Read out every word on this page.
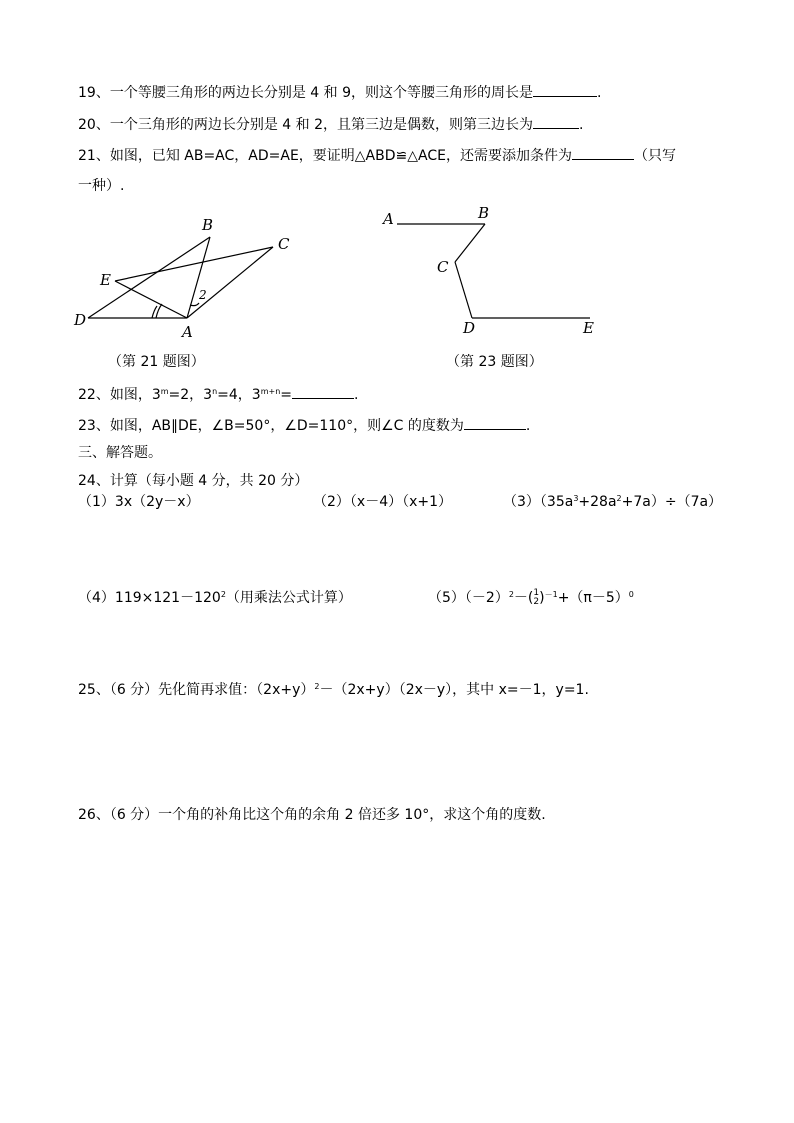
19、一个等腰三角形的两边长分别是 4 和 9，则这个等腰三角形的周长是	.
20、一个三角形的两边长分别是 4 和 2，且第三边是偶数，则第三边长为	.
21、如图，已知 AB=AC，AD=AE，要证明△ABD≌△ACE，还需要添加条件为	（只写
一种）.
B
C
E
D
A
2
A	B
C
D	E
（第 21 题图）	（第 23 题图）
22、如图，$3^m=2$，$3^n=4$，$3^{m+n}=$	.
23、如图，AB∥DE，∠B=50°，∠D=110°，则∠C 的度数为	.
三、解答题。
24、计算（每小题 4 分，共 20 分）
（1）3x（2y－x）	（2）（x－4）（x+1）	$(3)(35a^3+28a^2+7a)\div(7a)$
$(4)119\times 121-120^2$（用乘法公式计算）	$(5)(-2)^2-$( 1
2 )$^{-1}+(\pi-5)^0$
25、（6 分）先化简再求值：$(2x+y)^2-(2x+y)(2x-y)$，其中 x=－1，y=1.
26、（6 分）一个角的补角比这个角的余角 2 倍还多 10°，求这个角的度数.
